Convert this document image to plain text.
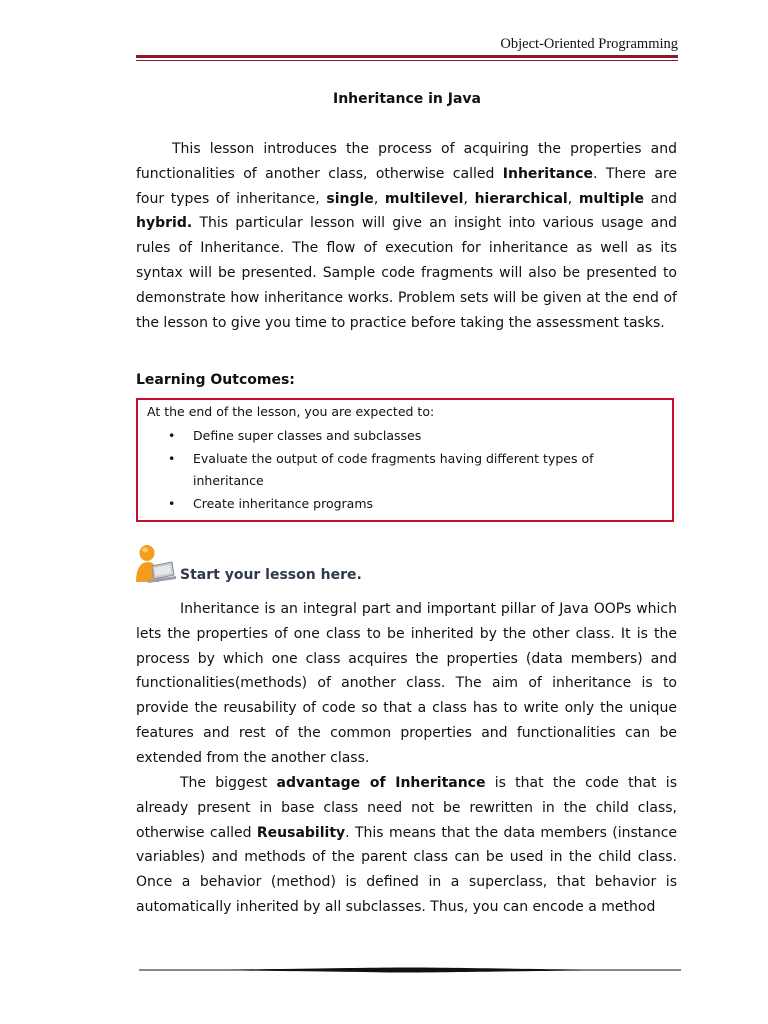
Object-Oriented Programming
Inheritance in Java
This lesson introduces the process of acquiring the properties and functionalities of another class, otherwise called Inheritance. There are four types of inheritance, single, multilevel, hierarchical, multiple and hybrid. This particular lesson will give an insight into various usage and rules of Inheritance. The flow of execution for inheritance as well as its syntax will be presented. Sample code fragments will also be presented to demonstrate how inheritance works. Problem sets will be given at the end of the lesson to give you time to practice before taking the assessment tasks.
Learning Outcomes:
At the end of the lesson, you are expected to:
• Define super classes and subclasses
• Evaluate the output of code fragments having different types of inheritance
• Create inheritance programs
Start your lesson here.
Inheritance is an integral part and important pillar of Java OOPs which lets the properties of one class to be inherited by the other class. It is the process by which one class acquires the properties (data members) and functionalities(methods) of another class. The aim of inheritance is to provide the reusability of code so that a class has to write only the unique features and rest of the common properties and functionalities can be extended from the another class.
The biggest advantage of Inheritance is that the code that is already present in base class need not be rewritten in the child class, otherwise called Reusability. This means that the data members (instance variables) and methods of the parent class can be used in the child class. Once a behavior (method) is defined in a superclass, that behavior is automatically inherited by all subclasses. Thus, you can encode a method
